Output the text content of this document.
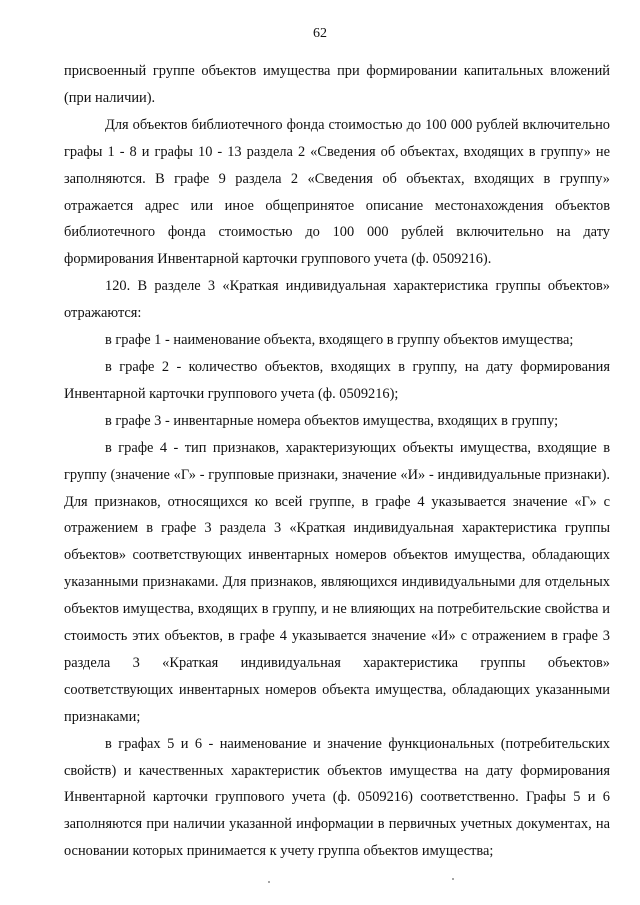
62

присвоенный группе объектов имущества при формировании капитальных вложений (при наличии).

Для объектов библиотечного фонда стоимостью до 100 000 рублей включительно графы 1 - 8 и графы 10 - 13 раздела 2 «Сведения об объектах, входящих в группу» не заполняются. В графе 9 раздела 2 «Сведения об объектах, входящих в группу» отражается адрес или иное общепринятое описание местонахождения объектов библиотечного фонда стоимостью до 100 000 рублей включительно на дату формирования Инвентарной карточки группового учета (ф. 0509216).

120. В разделе 3 «Краткая индивидуальная характеристика группы объектов» отражаются:

в графе 1 - наименование объекта, входящего в группу объектов имущества;

в графе 2 - количество объектов, входящих в группу, на дату формирования Инвентарной карточки группового учета (ф. 0509216);

в графе 3 - инвентарные номера объектов имущества, входящих в группу;

в графе 4 - тип признаков, характеризующих объекты имущества, входящие в группу (значение «Г» - групповые признаки, значение «И» - индивидуальные признаки). Для признаков, относящихся ко всей группе, в графе 4 указывается значение «Г» с отражением в графе 3 раздела 3 «Краткая индивидуальная характеристика группы объектов» соответствующих инвентарных номеров объектов имущества, обладающих указанными признаками. Для признаков, являющихся индивидуальными для отдельных объектов имущества, входящих в группу, и не влияющих на потребительские свойства и стоимость этих объектов, в графе 4 указывается значение «И» с отражением в графе 3 раздела 3 «Краткая индивидуальная характеристика группы объектов» соответствующих инвентарных номеров объекта имущества, обладающих указанными признаками;

в графах 5 и 6 - наименование и значение функциональных (потребительских свойств) и качественных характеристик объектов имущества на дату формирования Инвентарной карточки группового учета (ф. 0509216) соответственно. Графы 5 и 6 заполняются при наличии указанной информации в первичных учетных документах, на основании которых принимается к учету группа объектов имущества;
